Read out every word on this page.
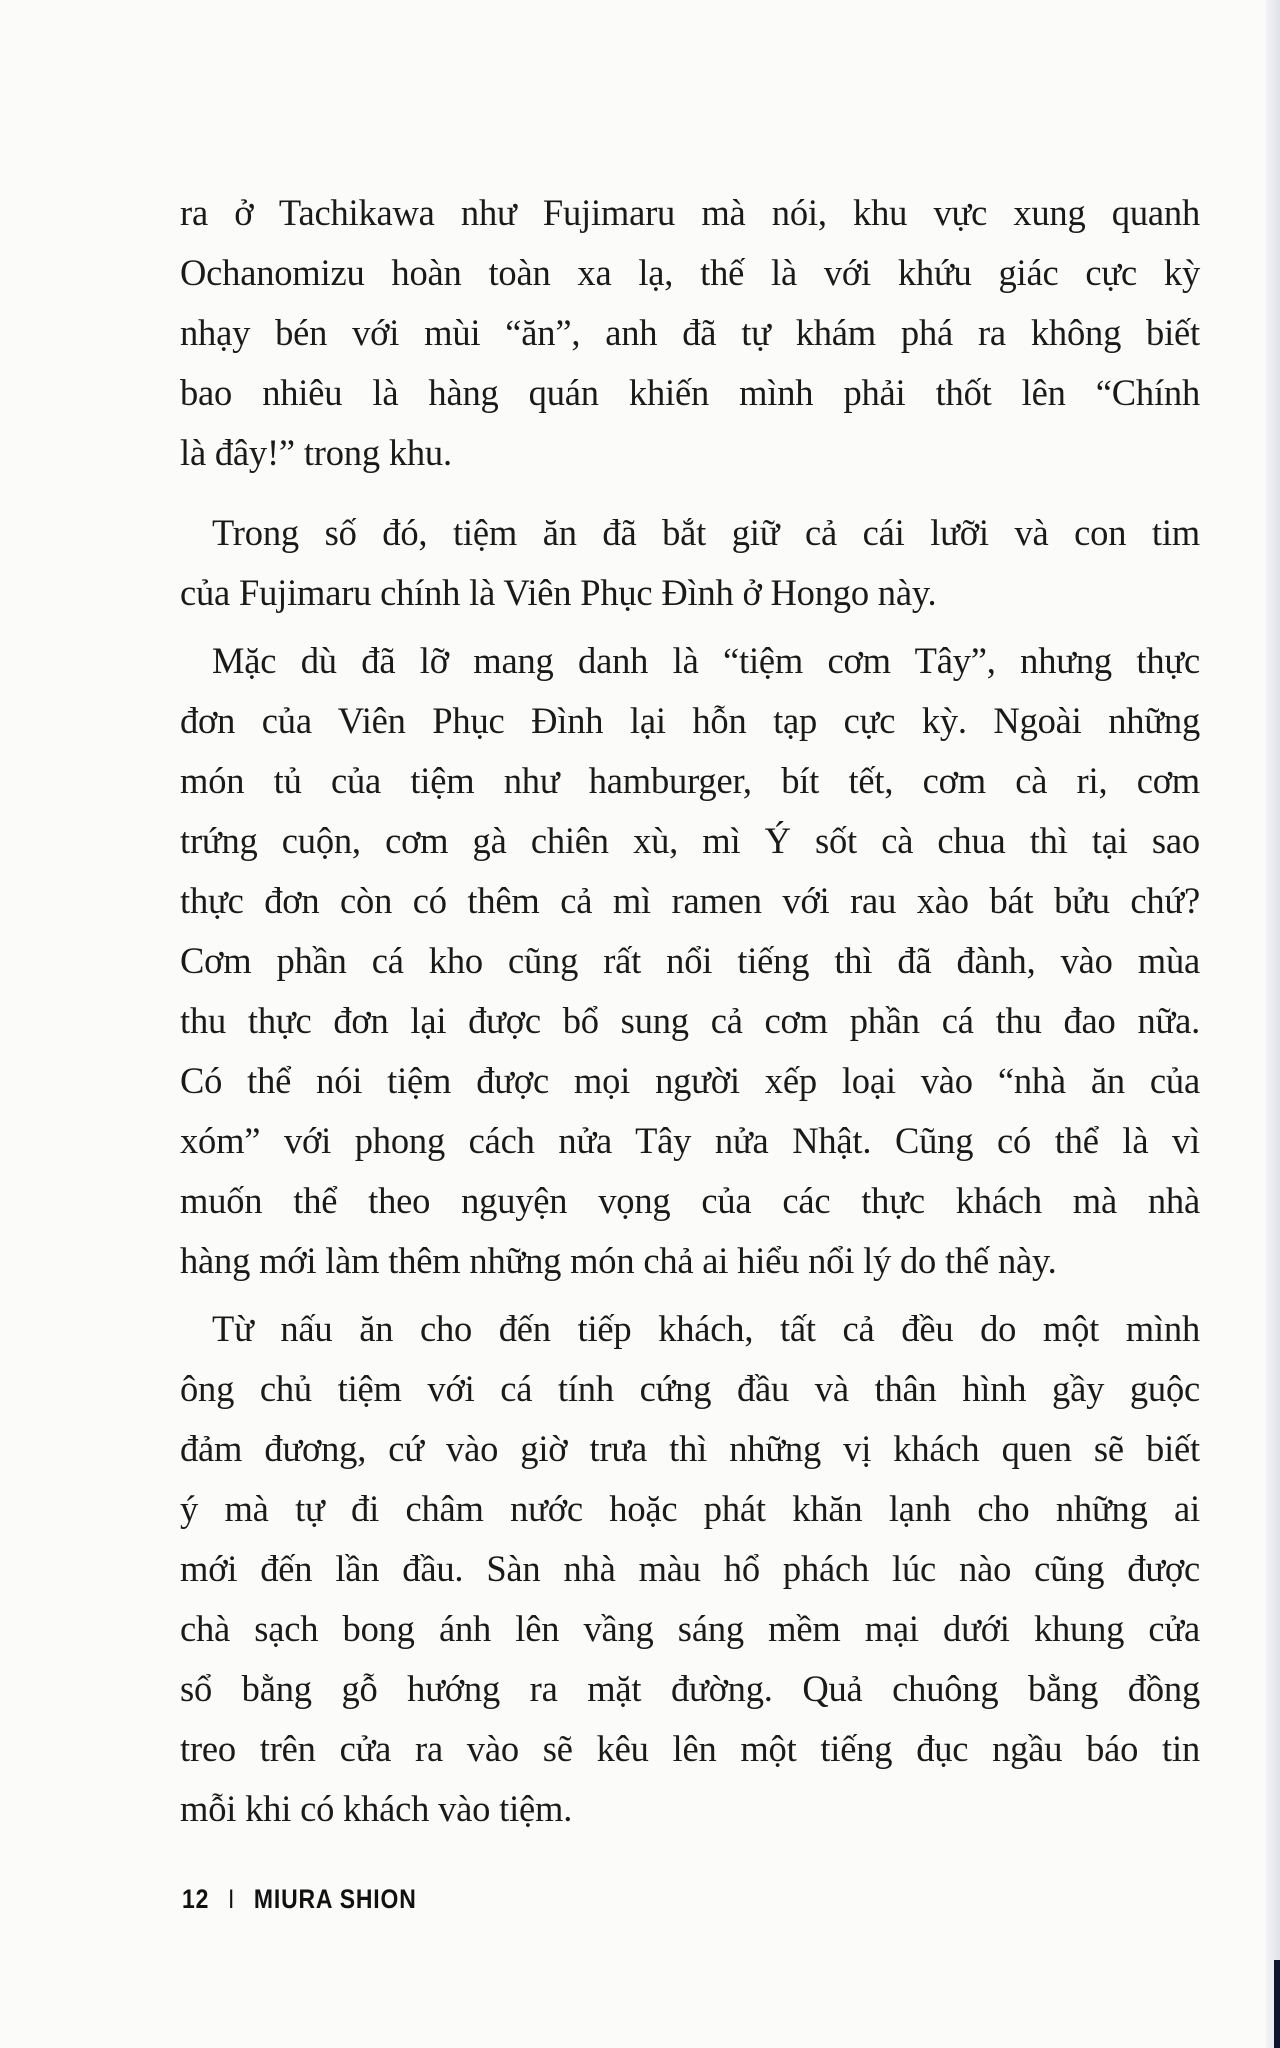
ra ở Tachikawa như Fujimaru mà nói, khu vực xung quanh
Ochanomizu hoàn toàn xa lạ, thế là với khứu giác cực kỳ
nhạy bén với mùi “ăn”, anh đã tự khám phá ra không biết
bao nhiêu là hàng quán khiến mình phải thốt lên “Chính
là đây!” trong khu.
Trong số đó, tiệm ăn đã bắt giữ cả cái lưỡi và con tim
của Fujimaru chính là Viên Phục Đình ở Hongo này.
Mặc dù đã lỡ mang danh là “tiệm cơm Tây”, nhưng thực
đơn của Viên Phục Đình lại hỗn tạp cực kỳ. Ngoài những
món tủ của tiệm như hamburger, bít tết, cơm cà ri, cơm
trứng cuộn, cơm gà chiên xù, mì Ý sốt cà chua thì tại sao
thực đơn còn có thêm cả mì ramen với rau xào bát bửu chứ?
Cơm phần cá kho cũng rất nổi tiếng thì đã đành, vào mùa
thu thực đơn lại được bổ sung cả cơm phần cá thu đao nữa.
Có thể nói tiệm được mọi người xếp loại vào “nhà ăn của
xóm” với phong cách nửa Tây nửa Nhật. Cũng có thể là vì
muốn thể theo nguyện vọng của các thực khách mà nhà
hàng mới làm thêm những món chả ai hiểu nổi lý do thế này.
Từ nấu ăn cho đến tiếp khách, tất cả đều do một mình
ông chủ tiệm với cá tính cứng đầu và thân hình gầy guộc
đảm đương, cứ vào giờ trưa thì những vị khách quen sẽ biết
ý mà tự đi châm nước hoặc phát khăn lạnh cho những ai
mới đến lần đầu. Sàn nhà màu hổ phách lúc nào cũng được
chà sạch bong ánh lên vầng sáng mềm mại dưới khung cửa
sổ bằng gỗ hướng ra mặt đường. Quả chuông bằng đồng
treo trên cửa ra vào sẽ kêu lên một tiếng đục ngầu báo tin
mỗi khi có khách vào tiệm.
12 I MIURA SHION
